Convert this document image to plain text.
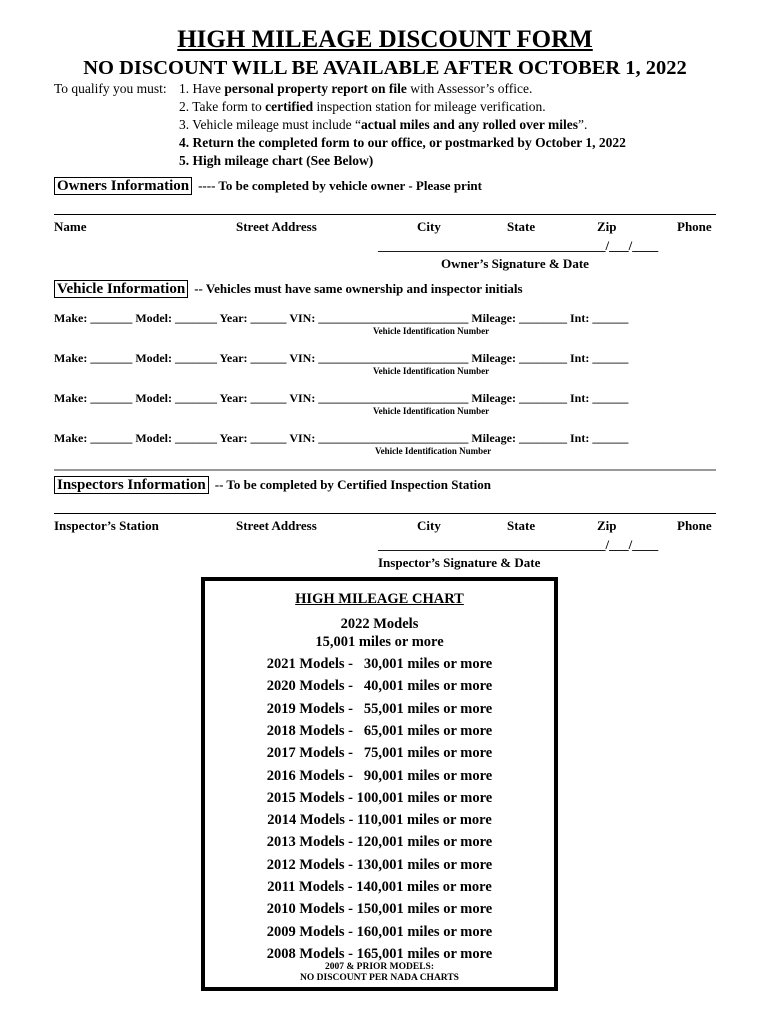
HIGH MILEAGE DISCOUNT FORM
NO DISCOUNT WILL BE AVAILABLE AFTER OCTOBER 1, 2022
To qualify you must: 1. Have personal property report on file with Assessor’s office.
2. Take form to certified inspection station for mileage verification.
3. Vehicle mileage must include “actual miles and any rolled over miles”.
4. Return the completed form to our office, or postmarked by October 1, 2022
5. High mileage chart (See Below)
Owners Information ---- To be completed by vehicle owner - Please print
Name	Street Address	City	State	Zip	Phone
___________________________________/___/____
Owner’s Signature & Date
Vehicle Information -- Vehicles must have same ownership and inspector initials
Make: _______ Model: _______ Year: ______ VIN: _________________________ Mileage: ________ Int: ______
Vehicle Identification Number
Make: _______ Model: _______ Year: ______ VIN: _________________________ Mileage: ________ Int: ______
Vehicle Identification Number
Make: _______ Model: _______ Year: ______ VIN: _________________________ Mileage: ________ Int: ______
Vehicle Identification Number
Make: _______ Model: _______ Year: ______ VIN: _________________________ Mileage: ________ Int: ______
Vehicle Identification Number
Inspectors Information -- To be completed by Certified Inspection Station
Inspector’s Station	Street Address	City	State	Zip	Phone
___________________________________/___/____
Inspector’s Signature & Date
HIGH MILEAGE CHART
2022 Models
15,001 miles or more
2021 Models -   30,001 miles or more
2020 Models -   40,001 miles or more
2019 Models -   55,001 miles or more
2018 Models -   65,001 miles or more
2017 Models -   75,001 miles or more
2016 Models -   90,001 miles or more
2015 Models - 100,001 miles or more
2014 Models - 110,001 miles or more
2013 Models - 120,001 miles or more
2012 Models - 130,001 miles or more
2011 Models - 140,001 miles or more
2010 Models - 150,001 miles or more
2009 Models - 160,001 miles or more
2008 Models - 165,001 miles or more
2007 & PRIOR MODELS:
NO DISCOUNT PER NADA CHARTS
